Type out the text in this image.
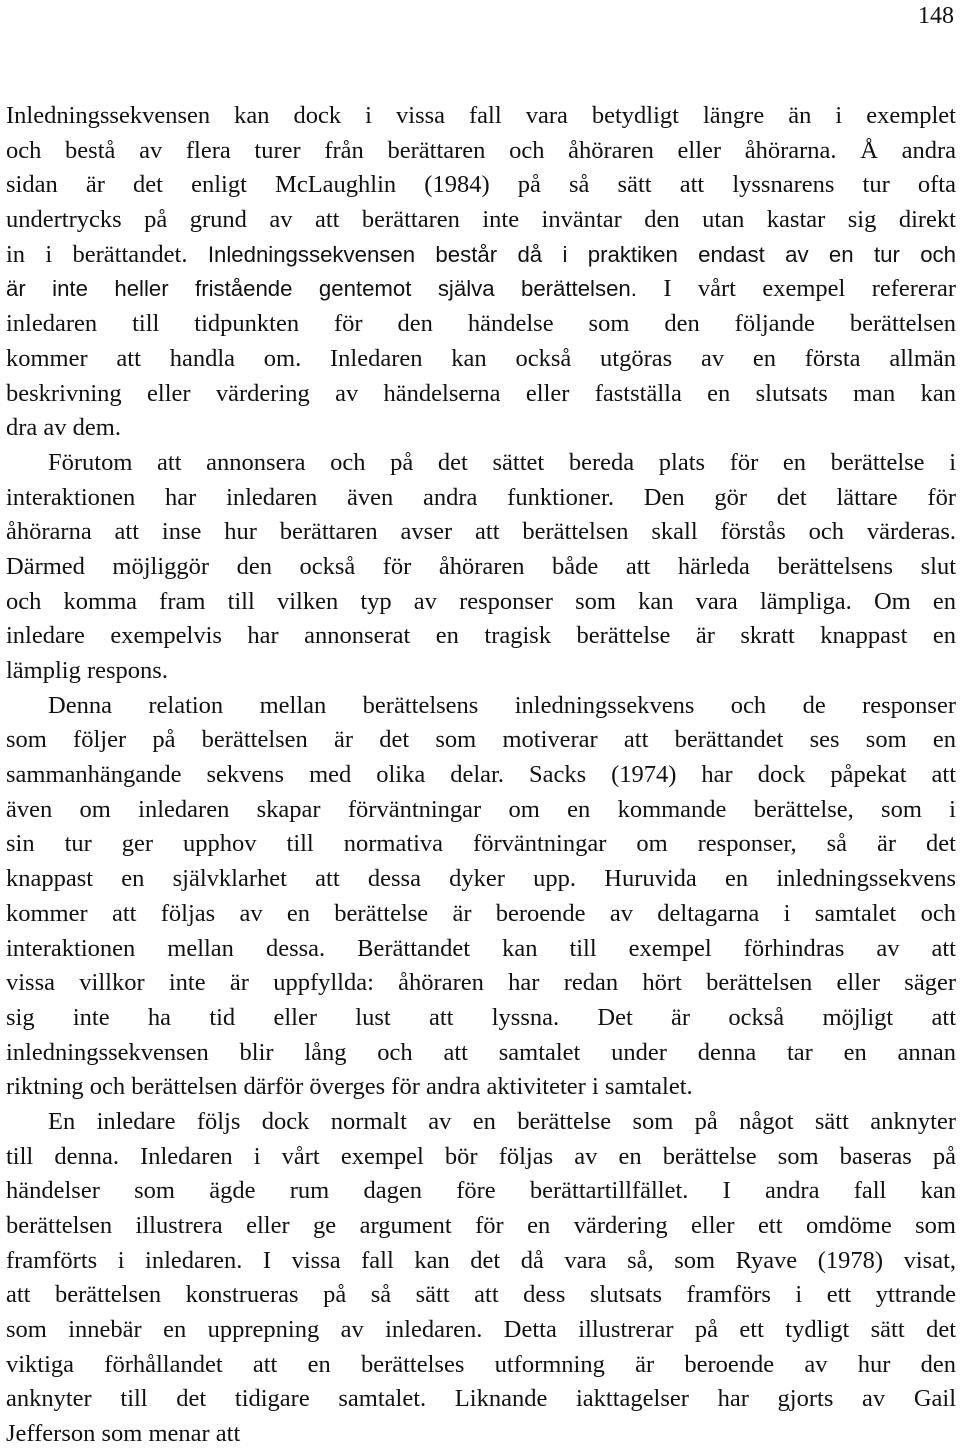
148
Inledningssekvensen kan dock i vissa fall vara betydligt längre än i exemplet
och bestå av flera turer från berättaren och åhöraren eller åhörarna. Å andra
sidan är det enligt McLaughlin (1984) på så sätt att lyssnarens tur ofta
undertrycks på grund av att berättaren inte inväntar den utan kastar sig direkt
in i berättandet. Inledningssekvensen består då i praktiken endast av en tur och
är inte heller fristående gentemot själva berättelsen. I vårt exempel refererar
inledaren till tidpunkten för den händelse som den följande berättelsen
kommer att handla om. Inledaren kan också utgöras av en första allmän
beskrivning eller värdering av händelserna eller fastställa en slutsats man kan
dra av dem.
Förutom att annonsera och på det sättet bereda plats för en berättelse i
interaktionen har inledaren även andra funktioner. Den gör det lättare för
åhörarna att inse hur berättaren avser att berättelsen skall förstås och värderas.
Därmed möjliggör den också för åhöraren både att härleda berättelsens slut
och komma fram till vilken typ av responser som kan vara lämpliga. Om en
inledare exempelvis har annonserat en tragisk berättelse är skratt knappast en
lämplig respons.
Denna relation mellan berättelsens inledningssekvens och de responser
som följer på berättelsen är det som motiverar att berättandet ses som en
sammanhängande sekvens med olika delar. Sacks (1974) har dock påpekat att
även om inledaren skapar förväntningar om en kommande berättelse, som i
sin tur ger upphov till normativa förväntningar om responser, så är det
knappast en självklarhet att dessa dyker upp. Huruvida en inledningssekvens
kommer att följas av en berättelse är beroende av deltagarna i samtalet och
interaktionen mellan dessa. Berättandet kan till exempel förhindras av att
vissa villkor inte är uppfyllda: åhöraren har redan hört berättelsen eller säger
sig inte ha tid eller lust att lyssna. Det är också möjligt att
inledningssekvensen blir lång och att samtalet under denna tar en annan
riktning och berättelsen därför överges för andra aktiviteter i samtalet.
En inledare följs dock normalt av en berättelse som på något sätt anknyter
till denna. Inledaren i vårt exempel bör följas av en berättelse som baseras på
händelser som ägde rum dagen före berättartillfället. I andra fall kan
berättelsen illustrera eller ge argument för en värdering eller ett omdöme som
framförts i inledaren. I vissa fall kan det då vara så, som Ryave (1978) visat,
att berättelsen konstrueras på så sätt att dess slutsats framförs i ett yttrande
som innebär en upprepning av inledaren. Detta illustrerar på ett tydligt sätt det
viktiga förhållandet att en berättelses utformning är beroende av hur den
anknyter till det tidigare samtalet. Liknande iakttagelser har gjorts av Gail
Jefferson som menar att
